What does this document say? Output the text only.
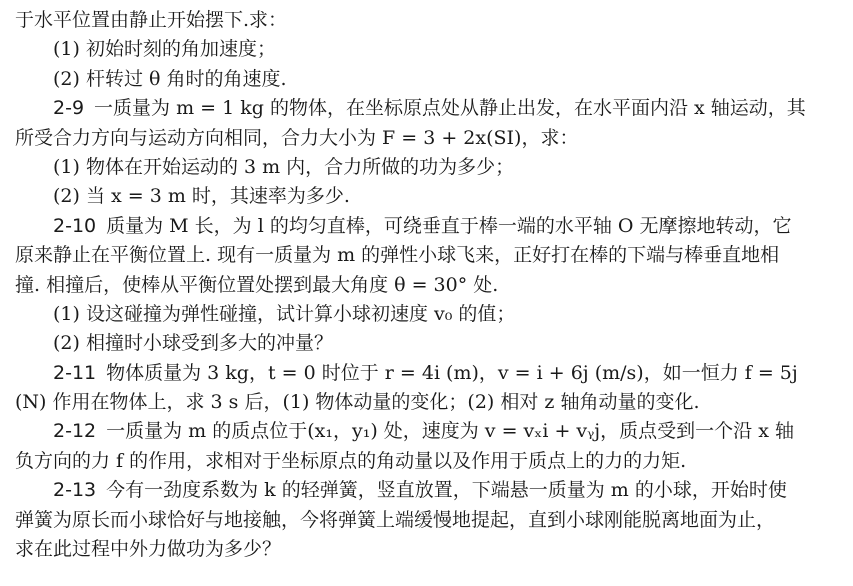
于水平位置由静止开始摆下.求：
(1) 初始时刻的角加速度；
(2) 杆转过 θ 角时的角速度.
2-9 一质量为 m = 1 kg 的物体，在坐标原点处从静止出发，在水平面内沿 x 轴运动，其
所受合力方向与运动方向相同，合力大小为 F = 3 + 2x(SI)，求：
(1) 物体在开始运动的 3 m 内，合力所做的功为多少；
(2) 当 x = 3 m 时，其速率为多少.
2-10 质量为 M 长，为 l 的均匀直棒，可绕垂直于棒一端的水平轴 O 无摩擦地转动，它
原来静止在平衡位置上. 现有一质量为 m 的弹性小球飞来，正好打在棒的下端与棒垂直地相
撞. 相撞后，使棒从平衡位置处摆到最大角度 θ = 30° 处.
(1) 设这碰撞为弹性碰撞，试计算小球初速度 v₀ 的值；
(2) 相撞时小球受到多大的冲量？
2-11 物体质量为 3 kg，t = 0 时位于 r = 4i (m)，v = i + 6j (m/s)，如一恒力 f = 5j
(N) 作用在物体上，求 3 s 后，(1) 物体动量的变化；(2) 相对 z 轴角动量的变化.
2-12 一质量为 m 的质点位于(x₁，y₁) 处，速度为 v = vₓi + vᵧj，质点受到一个沿 x 轴
负方向的力 f 的作用，求相对于坐标原点的角动量以及作用于质点上的力的力矩.
2-13 今有一劲度系数为 k 的轻弹簧，竖直放置，下端悬一质量为 m 的小球，开始时使
弹簧为原长而小球恰好与地接触，今将弹簧上端缓慢地提起，直到小球刚能脱离地面为止，
求在此过程中外力做功为多少？
